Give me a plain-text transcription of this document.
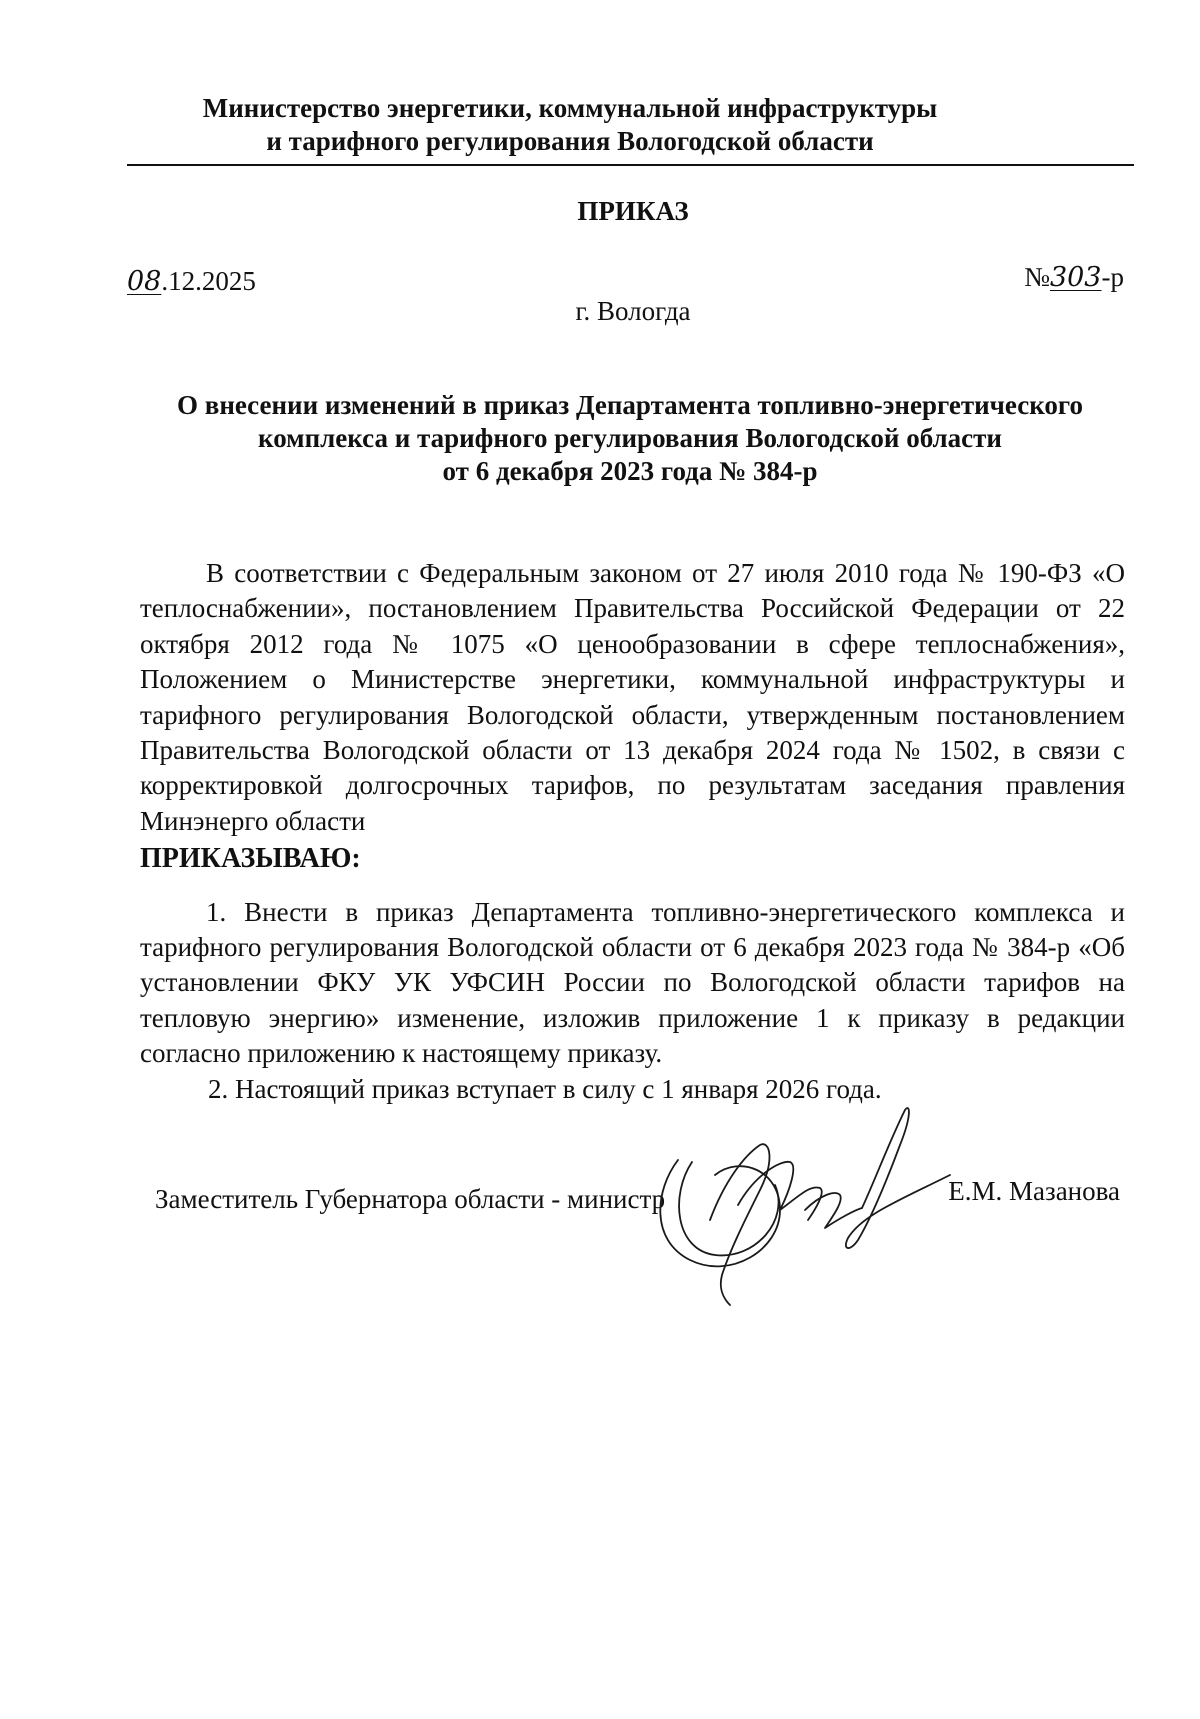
Министерство энергетики, коммунальной инфраструктуры
и тарифного регулирования Вологодской области
ПРИКАЗ
08.12.2025	№303-р
г. Вологда
О внесении изменений в приказ Департамента топливно-энергетического
комплекса и тарифного регулирования Вологодской области
от 6 декабря 2023 года № 384-р

В соответствии с Федеральным законом от 27 июля 2010 года № 190-ФЗ «О теплоснабжении», постановлением Правительства Российской Федерации от 22 октября 2012 года № 1075 «О ценообразовании в сфере теплоснабжения», Положением о Министерстве энергетики, коммунальной инфраструктуры и тарифного регулирования Вологодской области, утвержденным постановлением Правительства Вологодской области от 13 декабря 2024 года № 1502, в связи с корректировкой долгосрочных тарифов, по результатам заседания правления Минэнерго области

ПРИКАЗЫВАЮ:

1. Внести в приказ Департамента топливно-энергетического комплекса и тарифного регулирования Вологодской области от 6 декабря 2023 года № 384-р «Об установлении ФКУ УК УФСИН России по Вологодской области тарифов на тепловую энергию» изменение, изложив приложение 1 к приказу в редакции согласно приложению к настоящему приказу.

2. Настоящий приказ вступает в силу с 1 января 2026 года.

Заместитель Губернатора области - министр	Е.М. Мазанова
